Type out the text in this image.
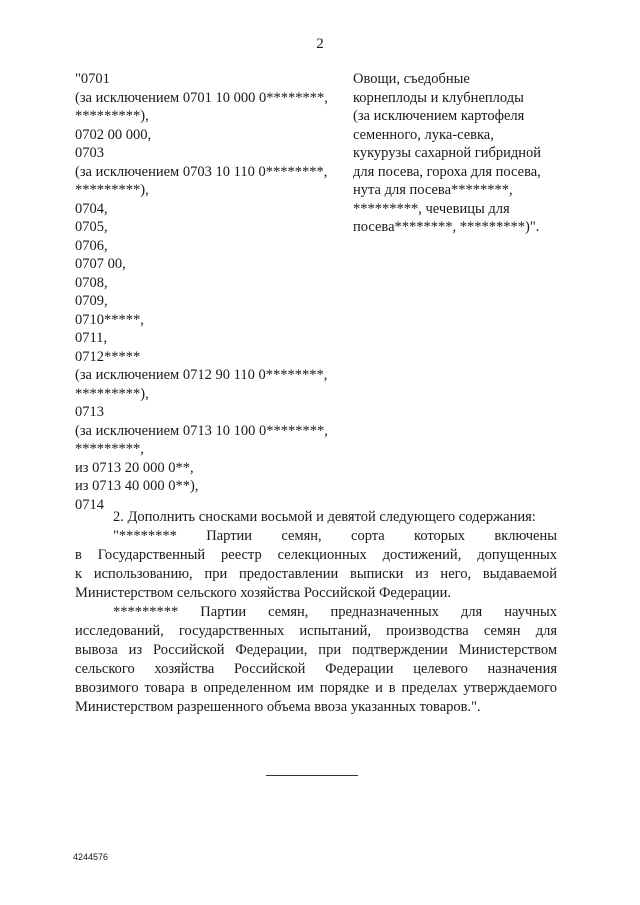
2
"0701
(за исключением 0701 10 000 0********,
*********),
0702 00 000,
0703
(за исключением 0703 10 110 0********,
*********),
0704,
0705,
0706,
0707 00,
0708,
0709,
0710*****,
0711,
0712*****
(за исключением 0712 90 110 0********,
*********),
0713
(за исключением 0713 10 100 0********,
*********,
из 0713 20 000 0**,
из 0713 40 000 0**),
0714
Овощи, съедобные
корнеплоды и клубнеплоды
(за исключением картофеля
семенного, лука-севка,
кукурузы сахарной гибридной
для посева, гороха для посева,
нута для посева********,
*********, чечевицы для
посева********, *********)".
2. Дополнить сносками восьмой и девятой следующего содержания:
"******** Партии семян, сорта которых включены
в Государственный реестр селекционных достижений, допущенных
к использованию, при предоставлении выписки из него, выдаваемой
Министерством сельского хозяйства Российской Федерации.
********* Партии семян, предназначенных для научных
исследований, государственных испытаний, производства семян для
вывоза из Российской Федерации, при подтверждении Министерством
сельского хозяйства Российской Федерации целевого назначения
ввозимого товара в определенном им порядке и в пределах утверждаемого
Министерством разрешенного объема ввоза указанных товаров.".
4244576
